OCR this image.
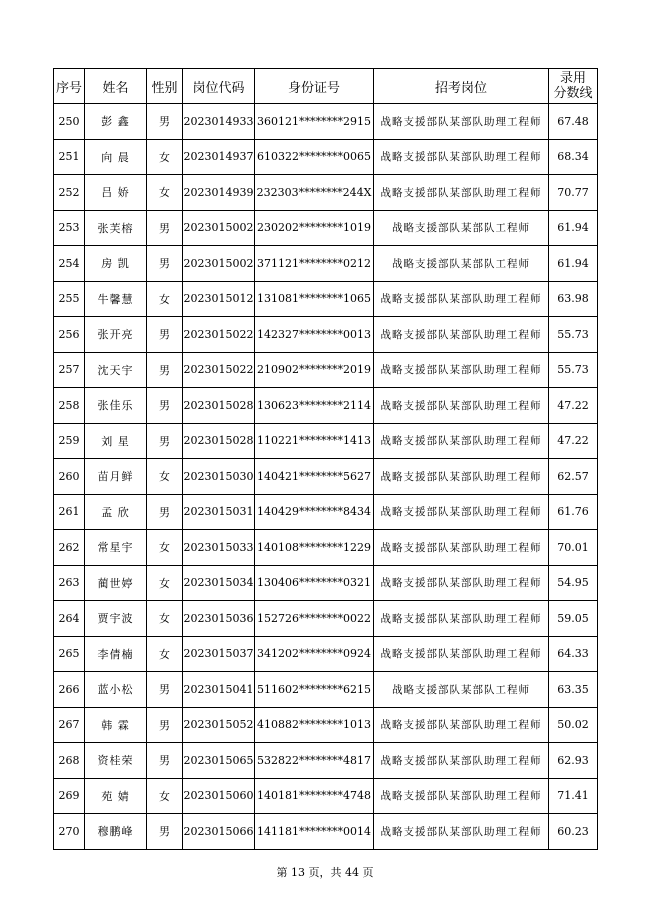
序号	姓名	性别	岗位代码	身份证号	招考岗位	录用
分数线
250	彭 鑫	男	2023014933	360121********2915	战略支援部队某部队助理工程师	67.48
251	向 晨	女	2023014937	610322********0065	战略支援部队某部队助理工程师	68.34
252	吕 娇	女	2023014939	232303********244X	战略支援部队某部队助理工程师	70.77
253	张芙榕	男	2023015002	230202********1019	战略支援部队某部队工程师	61.94
254	房 凯	男	2023015002	371121********0212	战略支援部队某部队工程师	61.94
255	牛馨慧	女	2023015012	131081********1065	战略支援部队某部队助理工程师	63.98
256	张开亮	男	2023015022	142327********0013	战略支援部队某部队助理工程师	55.73
257	沈天宇	男	2023015022	210902********2019	战略支援部队某部队助理工程师	55.73
258	张佳乐	男	2023015028	130623********2114	战略支援部队某部队助理工程师	47.22
259	刘 星	男	2023015028	110221********1413	战略支援部队某部队助理工程师	47.22
260	苗月鲜	女	2023015030	140421********5627	战略支援部队某部队助理工程师	62.57
261	孟 欣	男	2023015031	140429********8434	战略支援部队某部队助理工程师	61.76
262	常星宇	女	2023015033	140108********1229	战略支援部队某部队助理工程师	70.01
263	蔺世婷	女	2023015034	130406********0321	战略支援部队某部队助理工程师	54.95
264	贾宇波	女	2023015036	152726********0022	战略支援部队某部队助理工程师	59.05
265	李倩楠	女	2023015037	341202********0924	战略支援部队某部队助理工程师	64.33
266	蓝小松	男	2023015041	511602********6215	战略支援部队某部队工程师	63.35
267	韩 霖	男	2023015052	410882********1013	战略支援部队某部队助理工程师	50.02
268	资桂荣	男	2023015065	532822********4817	战略支援部队某部队助理工程师	62.93
269	苑 婧	女	2023015060	140181********4748	战略支援部队某部队助理工程师	71.41
270	穆鹏峰	男	2023015066	141181********0014	战略支援部队某部队助理工程师	60.23
第 13 页，共 44 页
